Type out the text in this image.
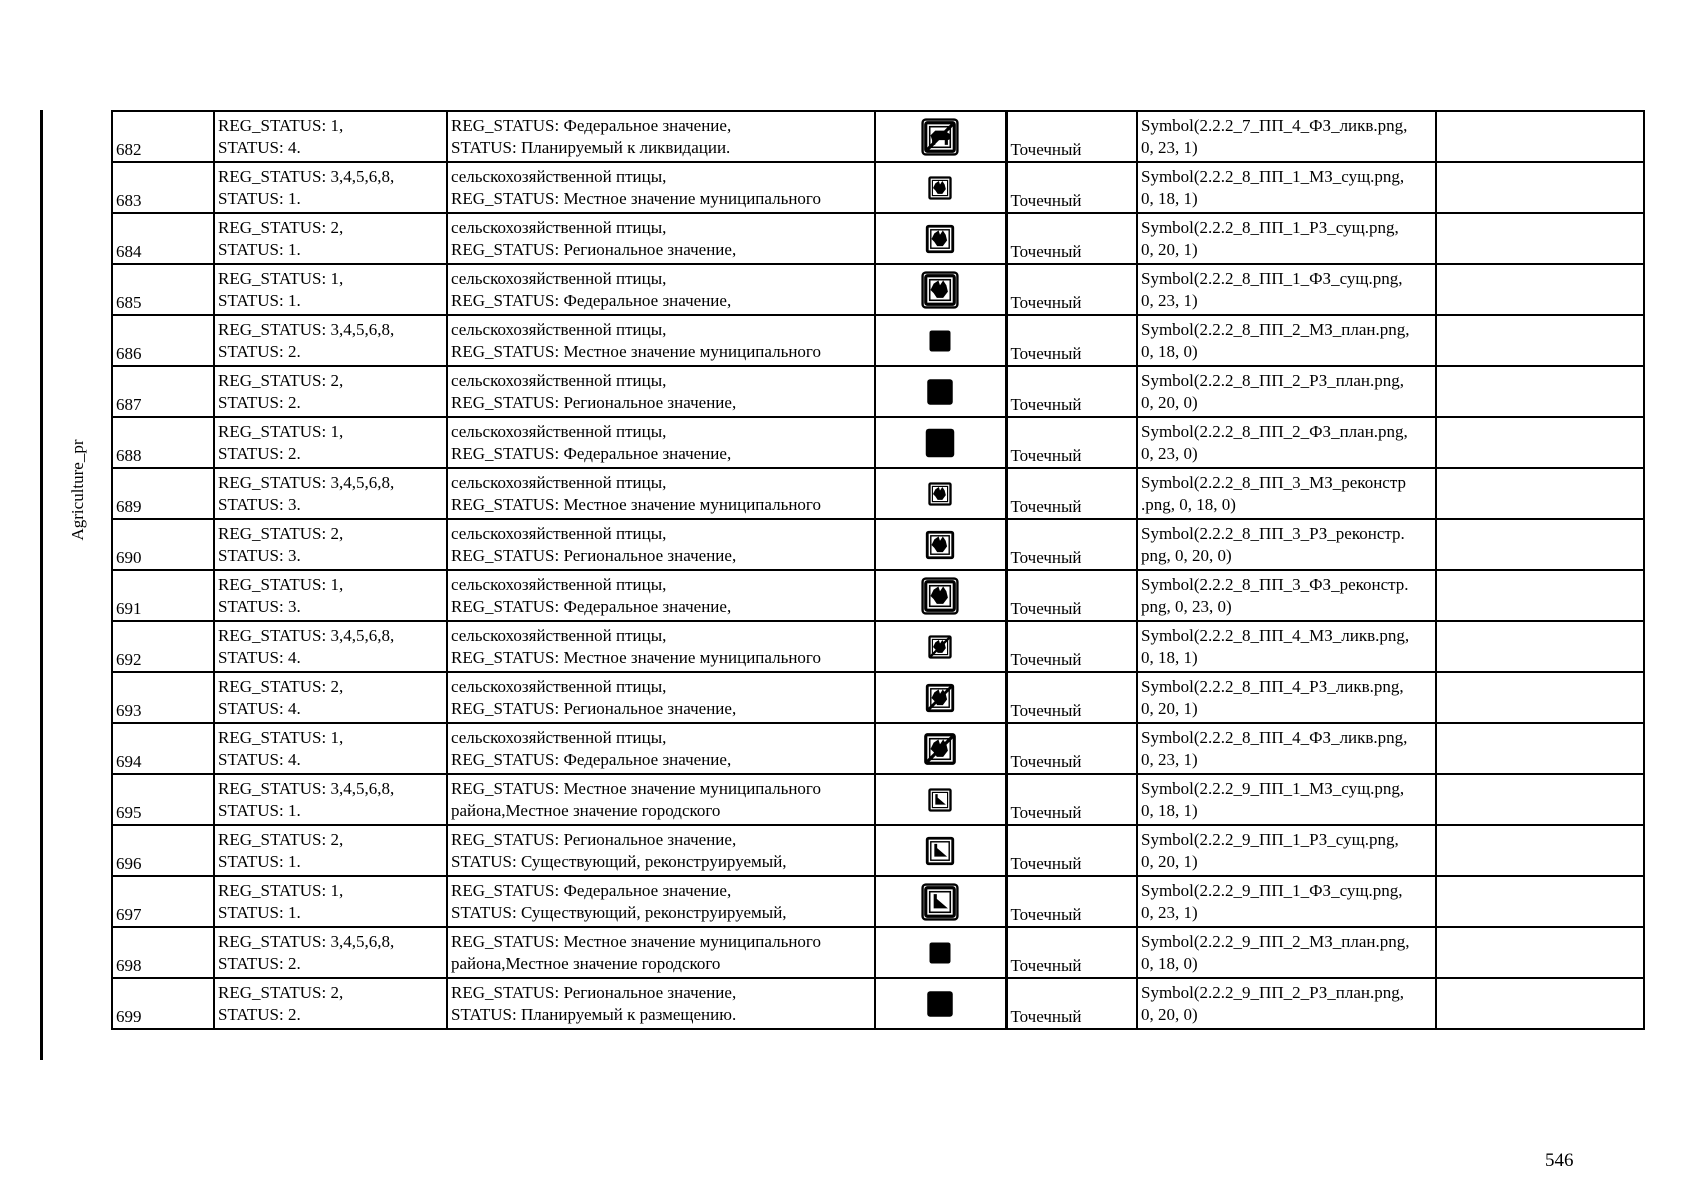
Agriculture_pr
682	REG_STATUS: 1,
STATUS: 4.	REG_STATUS: Федеральное значение,
STATUS: Планируемый к ликвидации.		Точечный	Symbol(2.2.2_7_ПП_4_ФЗ_ликв.png,
0, 23, 1)	

683	REG_STATUS: 3,4,5,6,8,
STATUS: 1.	сельскохозяйственной птицы,
REG_STATUS: Местное значение муниципального		Точечный	Symbol(2.2.2_8_ПП_1_МЗ_сущ.png,
0, 18, 1)	

684	REG_STATUS: 2,
STATUS: 1.	сельскохозяйственной птицы,
REG_STATUS: Региональное значение,		Точечный	Symbol(2.2.2_8_ПП_1_РЗ_сущ.png,
0, 20, 1)	

685	REG_STATUS: 1,
STATUS: 1.	сельскохозяйственной птицы,
REG_STATUS: Федеральное значение,		Точечный	Symbol(2.2.2_8_ПП_1_ФЗ_сущ.png,
0, 23, 1)	

686	REG_STATUS: 3,4,5,6,8,
STATUS: 2.	сельскохозяйственной птицы,
REG_STATUS: Местное значение муниципального		Точечный	Symbol(2.2.2_8_ПП_2_МЗ_план.png,
0, 18, 0)	

687	REG_STATUS: 2,
STATUS: 2.	сельскохозяйственной птицы,
REG_STATUS: Региональное значение,		Точечный	Symbol(2.2.2_8_ПП_2_РЗ_план.png,
0, 20, 0)	

688	REG_STATUS: 1,
STATUS: 2.	сельскохозяйственной птицы,
REG_STATUS: Федеральное значение,		Точечный	Symbol(2.2.2_8_ПП_2_ФЗ_план.png,
0, 23, 0)	

689	REG_STATUS: 3,4,5,6,8,
STATUS: 3.	сельскохозяйственной птицы,
REG_STATUS: Местное значение муниципального		Точечный	Symbol(2.2.2_8_ПП_3_МЗ_реконстр
.png, 0, 18, 0)	

690	REG_STATUS: 2,
STATUS: 3.	сельскохозяйственной птицы,
REG_STATUS: Региональное значение,		Точечный	Symbol(2.2.2_8_ПП_3_РЗ_реконстр.
png, 0, 20, 0)	

691	REG_STATUS: 1,
STATUS: 3.	сельскохозяйственной птицы,
REG_STATUS: Федеральное значение,		Точечный	Symbol(2.2.2_8_ПП_3_ФЗ_реконстр.
png, 0, 23, 0)	

692	REG_STATUS: 3,4,5,6,8,
STATUS: 4.	сельскохозяйственной птицы,
REG_STATUS: Местное значение муниципального		Точечный	Symbol(2.2.2_8_ПП_4_МЗ_ликв.png,
0, 18, 1)	

693	REG_STATUS: 2,
STATUS: 4.	сельскохозяйственной птицы,
REG_STATUS: Региональное значение,		Точечный	Symbol(2.2.2_8_ПП_4_РЗ_ликв.png,
0, 20, 1)	

694	REG_STATUS: 1,
STATUS: 4.	сельскохозяйственной птицы,
REG_STATUS: Федеральное значение,		Точечный	Symbol(2.2.2_8_ПП_4_ФЗ_ликв.png,
0, 23, 1)	

695	REG_STATUS: 3,4,5,6,8,
STATUS: 1.	REG_STATUS: Местное значение муниципального
района,Местное значение городского		Точечный	Symbol(2.2.2_9_ПП_1_МЗ_сущ.png,
0, 18, 1)	

696	REG_STATUS: 2,
STATUS: 1.	REG_STATUS: Региональное значение,
STATUS: Существующий, реконструируемый,		Точечный	Symbol(2.2.2_9_ПП_1_РЗ_сущ.png,
0, 20, 1)	

697	REG_STATUS: 1,
STATUS: 1.	REG_STATUS: Федеральное значение,
STATUS: Существующий, реконструируемый,		Точечный	Symbol(2.2.2_9_ПП_1_ФЗ_сущ.png,
0, 23, 1)	

698	REG_STATUS: 3,4,5,6,8,
STATUS: 2.	REG_STATUS: Местное значение муниципального
района,Местное значение городского		Точечный	Symbol(2.2.2_9_ПП_2_МЗ_план.png,
0, 18, 0)	

699	REG_STATUS: 2,
STATUS: 2.	REG_STATUS: Региональное значение,
STATUS: Планируемый к размещению.		Точечный	Symbol(2.2.2_9_ПП_2_РЗ_план.png,
0, 20, 0)	

546
